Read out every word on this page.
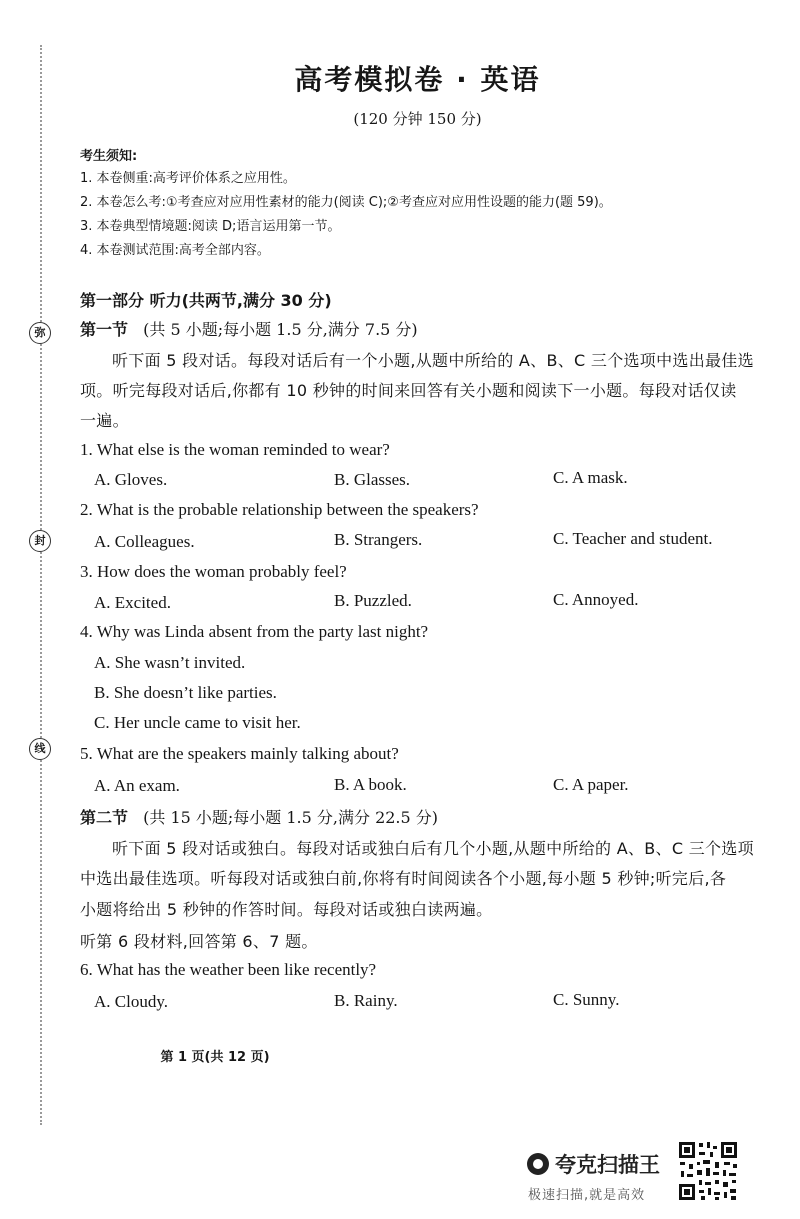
弥
封
线
高考模拟卷 · 英语
(120 分钟 150 分)
考生须知:
1. 本卷侧重:高考评价体系之应用性。
2. 本卷怎么考:①考查应对应用性素材的能力(阅读 C);②考查应对应用性设题的能力(题 59)。
3. 本卷典型情境题:阅读 D;语言运用第一节。
4. 本卷测试范围:高考全部内容。
第一部分 听力(共两节,满分 30 分)
第一节 (共 5 小题;每小题 1.5 分,满分 7.5 分)
听下面 5 段对话。每段对话后有一个小题,从题中所给的 A、B、C 三个选项中选出最佳选
项。听完每段对话后,你都有 10 秒钟的时间来回答有关小题和阅读下一小题。每段对话仅读
一遍。
1. What else is the woman reminded to wear?
A. Gloves.	B. Glasses.	C. A mask.
2. What is the probable relationship between the speakers?
A. Colleagues.	B. Strangers.	C. Teacher and student.
3. How does the woman probably feel?
A. Excited.	B. Puzzled.	C. Annoyed.
4. Why was Linda absent from the party last night?
A. She wasn’t invited.
B. She doesn’t like parties.
C. Her uncle came to visit her.
5. What are the speakers mainly talking about?
A. An exam.	B. A book.	C. A paper.
第二节 (共 15 小题;每小题 1.5 分,满分 22.5 分)
听下面 5 段对话或独白。每段对话或独白后有几个小题,从题中所给的 A、B、C 三个选项
中选出最佳选项。听每段对话或独白前,你将有时间阅读各个小题,每小题 5 秒钟;听完后,各
小题将给出 5 秒钟的作答时间。每段对话或独白读两遍。
听第 6 段材料,回答第 6、7 题。
6. What has the weather been like recently?
A. Cloudy.	B. Rainy.	C. Sunny.
第 1 页(共 12 页)
夸克扫描王
极速扫描,就是高效
